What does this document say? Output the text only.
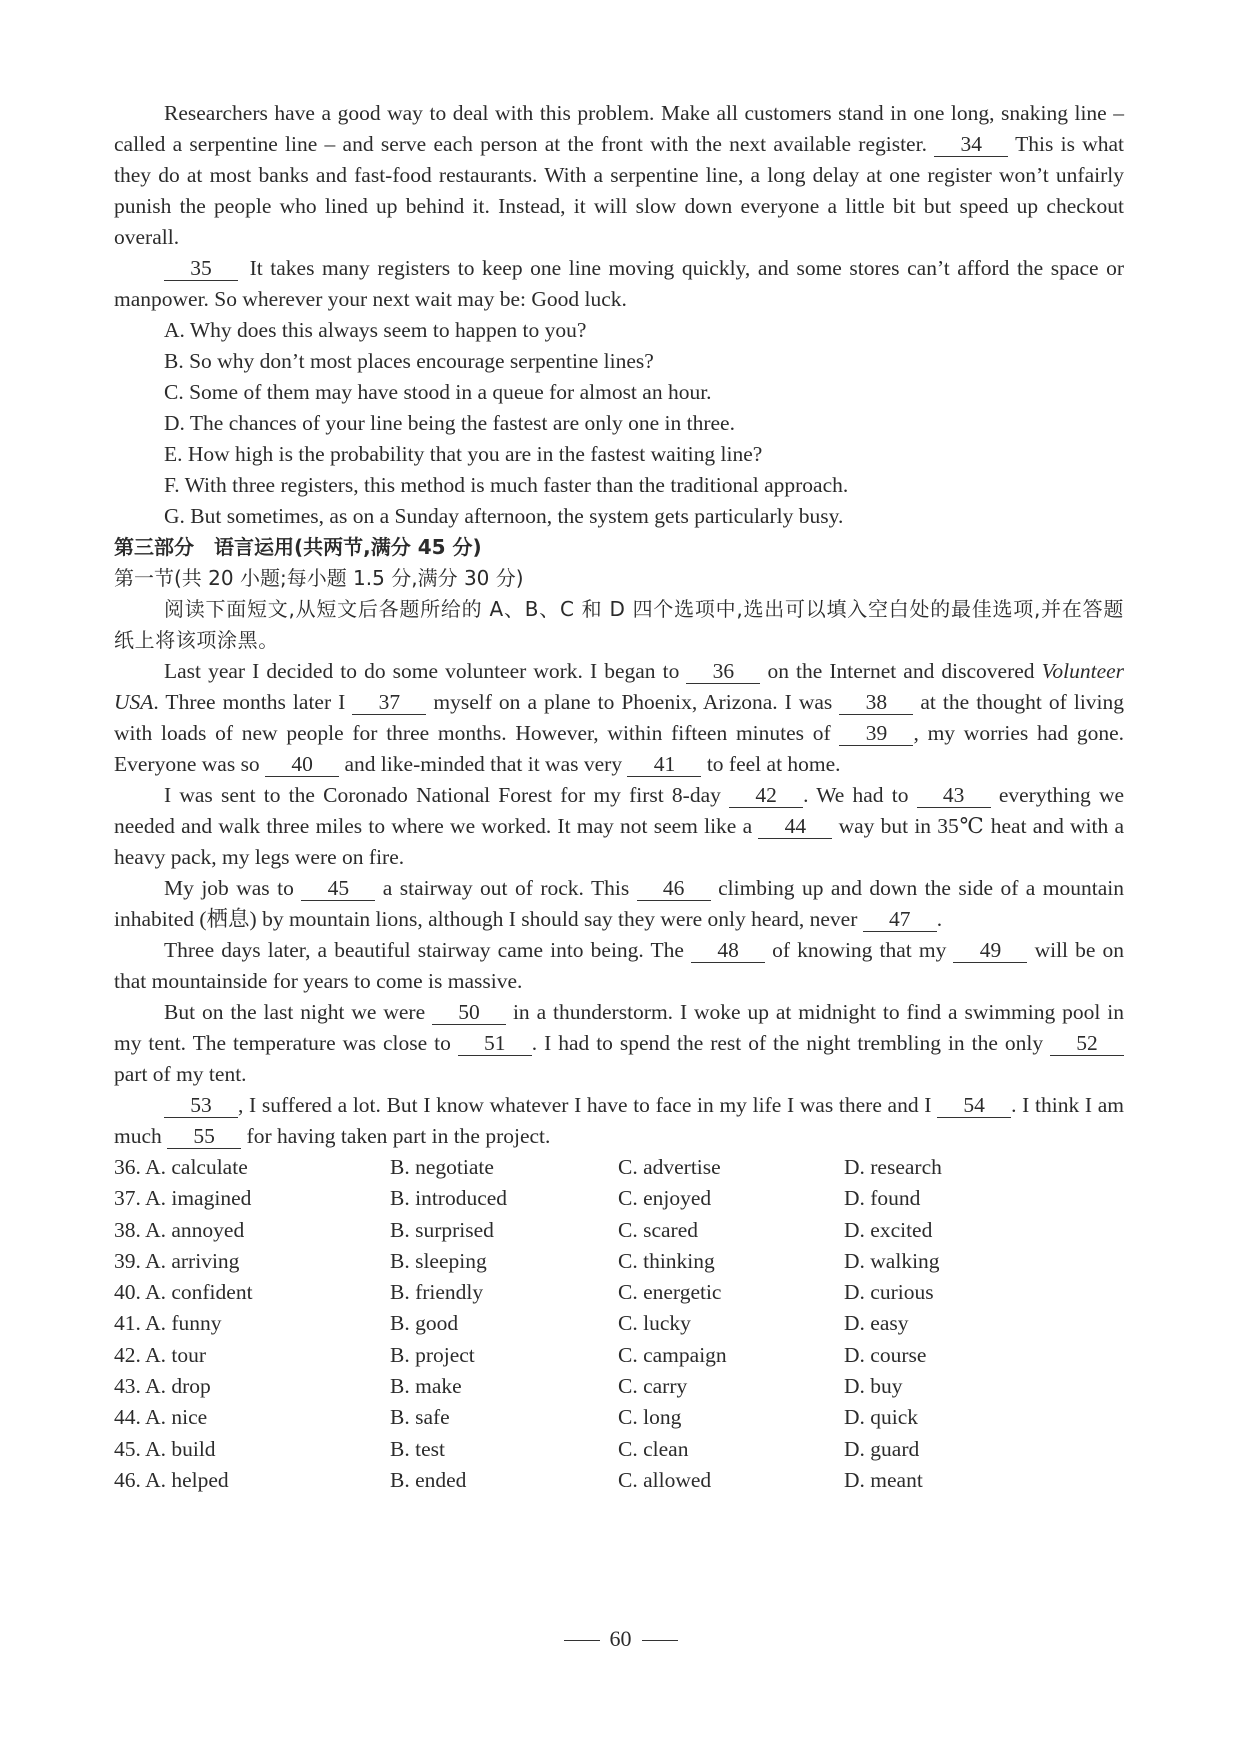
Researchers have a good way to deal with this problem. Make all customers stand in one long, snaking line – called a serpentine line – and serve each person at the front with the next available register. 34 This is what they do at most banks and fast-food restaurants. With a serpentine line, a long delay at one register won’t unfairly punish the people who lined up behind it. Instead, it will slow down everyone a little bit but speed up checkout overall.

35 It takes many registers to keep one line moving quickly, and some stores can’t afford the space or manpower. So wherever your next wait may be: Good luck.

A. Why does this always seem to happen to you?

B. So why don’t most places encourage serpentine lines?

C. Some of them may have stood in a queue for almost an hour.

D. The chances of your line being the fastest are only one in three.

E. How high is the probability that you are in the fastest waiting line?

F. With three registers, this method is much faster than the traditional approach.

G. But sometimes, as on a Sunday afternoon, the system gets particularly busy.

第三部分　语言运用(共两节,满分 45 分)

第一节(共 20 小题;每小题 1.5 分,满分 30 分)

阅读下面短文,从短文后各题所给的 A、B、C 和 D 四个选项中,选出可以填入空白处的最佳选项,并在答题纸上将该项涂黑。

Last year I decided to do some volunteer work. I began to 36 on the Internet and discovered Volunteer USA. Three months later I 37 myself on a plane to Phoenix, Arizona. I was 38 at the thought of living with loads of new people for three months. However, within fifteen minutes of 39 , my worries had gone. Everyone was so 40 and like-minded that it was very 41 to feel at home.

I was sent to the Coronado National Forest for my first 8-day 42 . We had to 43 everything we needed and walk three miles to where we worked. It may not seem like a 44 way but in 35℃ heat and with a heavy pack, my legs were on fire.

My job was to 45 a stairway out of rock. This 46 climbing up and down the side of a mountain inhabited (栖息) by mountain lions, although I should say they were only heard, never 47 .

Three days later, a beautiful stairway came into being. The 48 of knowing that my 49 will be on that mountainside for years to come is massive.

But on the last night we were 50 in a thunderstorm. I woke up at midnight to find a swimming pool in my tent. The temperature was close to 51 . I had to spend the rest of the night trembling in the only 52 part of my tent.

53 , I suffered a lot. But I know whatever I have to face in my life I was there and I 54 . I think I am much 55 for having taken part in the project.

36. A. calculate	B. negotiate	C. advertise	D. research
37. A. imagined	B. introduced	C. enjoyed	D. found
38. A. annoyed	B. surprised	C. scared	D. excited
39. A. arriving	B. sleeping	C. thinking	D. walking
40. A. confident	B. friendly	C. energetic	D. curious
41. A. funny	B. good	C. lucky	D. easy
42. A. tour	B. project	C. campaign	D. course
43. A. drop	B. make	C. carry	D. buy
44. A. nice	B. safe	C. long	D. quick
45. A. build	B. test	C. clean	D. guard
46. A. helped	B. ended	C. allowed	D. meant
60
